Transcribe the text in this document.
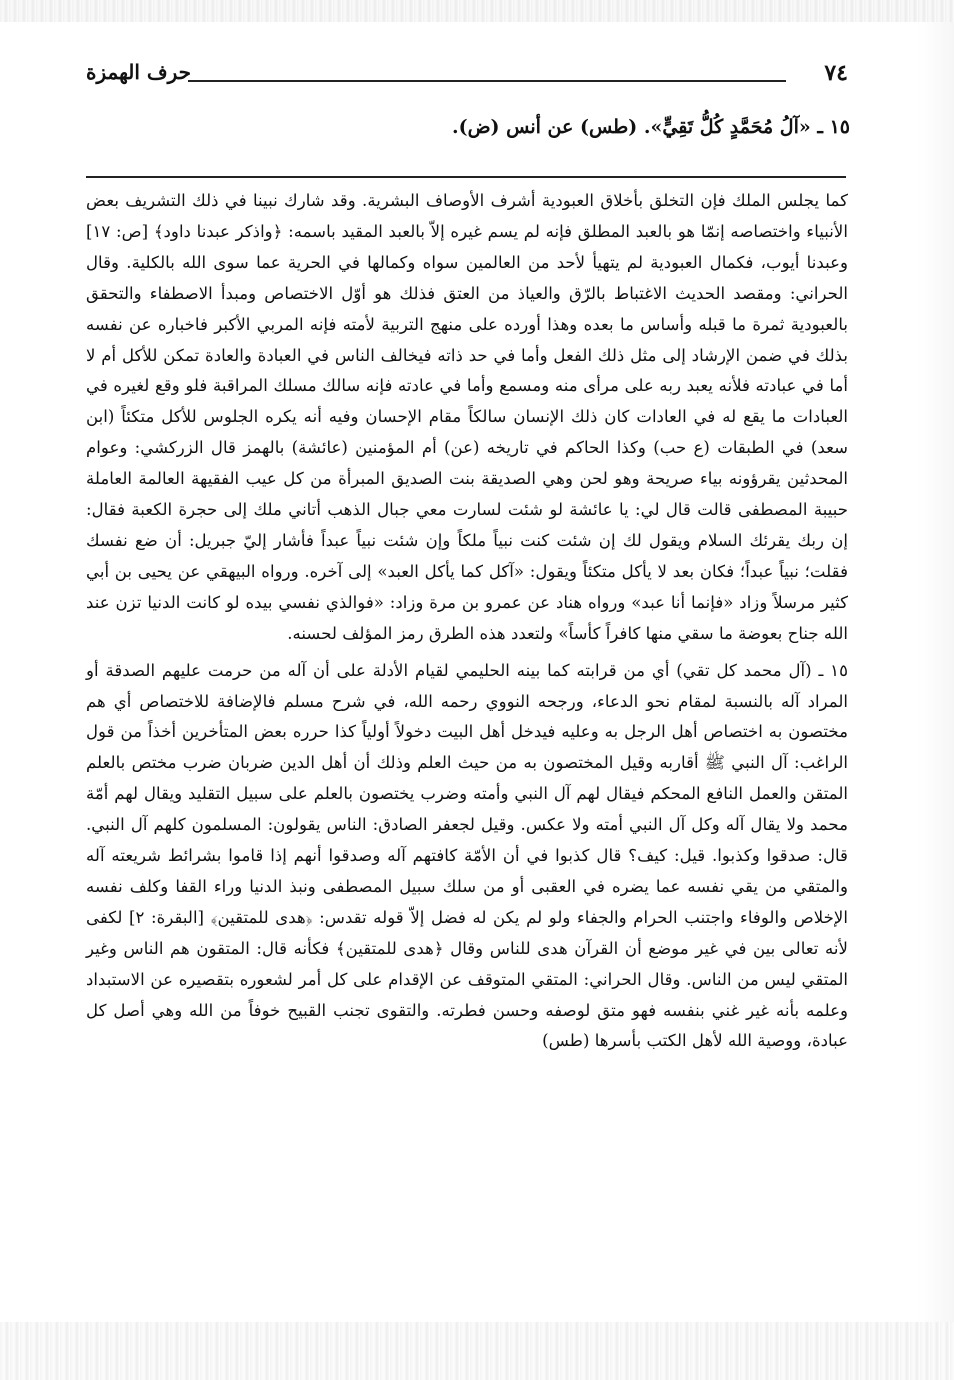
٧٤
حرف الهمزة
١٥ ـ «آلُ مُحَمَّدٍ كُلُّ تَقِيٍّ». (طس) عن أنس (ض).

كما يجلس الملك فإن التخلق بأخلاق العبودية أشرف الأوصاف البشرية. وقد شارك نبينا في ذلك التشريف بعض الأنبياء واختصاصه إنمّا هو بالعبد المطلق فإنه لم يسم غيره إلاّ بالعبد المقيد باسمه: ﴿واذكر عبدنا داود﴾ [ص: ١٧] وعبدنا أيوب، فكمال العبودية لم يتهيأ لأحد من العالمين سواه وكمالها في الحرية عما سوى الله بالكلية. وقال الحراني: ومقصد الحديث الاغتباط بالرّق والعياذ من العتق فذلك هو أوّل الاختصاص ومبدأ الاصطفاء والتحقق بالعبودية ثمرة ما قبله وأساس ما بعده وهذا أورده على منهج التربية لأمته فإنه المربي الأكبر فاخباره عن نفسه بذلك في ضمن الإرشاد إلى مثل ذلك الفعل وأما في حد ذاته فيخالف الناس في العبادة والعادة تمكن للأكل أم لا أما في عبادته فلأنه يعبد ربه على مرأى منه ومسمع وأما في عادته فإنه سالك مسلك المراقبة فلو وقع لغيره في العبادات ما يقع له في العادات كان ذلك الإنسان سالكاً مقام الإحسان وفيه أنه يكره الجلوس للأكل متكئاً (ابن سعد) في الطبقات (ع حب) وكذا الحاكم في تاريخه (عن) أم المؤمنين (عائشة) بالهمز قال الزركشي: وعوام المحدثين يقرؤونه بياء صريحة وهو لحن وهي الصديقة بنت الصديق المبرأة من كل عيب الفقيهة العالمة العاملة حبيبة المصطفى قالت قال لي: يا عائشة لو شئت لسارت معي جبال الذهب أتاني ملك إلى حجرة الكعبة فقال: إن ربك يقرئك السلام ويقول لك إن شئت كنت نبياً ملكاً وإن شئت نبياً عبداً فأشار إليّ جبريل: أن ضع نفسك فقلت؛ نبياً عبداً؛ فكان بعد لا يأكل متكئاً ويقول: «آكل كما يأكل العبد» إلى آخره. ورواه البيهقي عن يحيى بن أبي كثير مرسلاً وزاد «فإنما أنا عبد» ورواه هناد عن عمرو بن مرة وزاد: «فوالذي نفسي بيده لو كانت الدنيا تزن عند الله جناح بعوضة ما سقي منها كافراً كأساً» ولتعدد هذه الطرق رمز المؤلف لحسنه.

١٥ ـ (آل محمد كل تقي) أي من قرابته كما بينه الحليمي لقيام الأدلة على أن آله من حرمت عليهم الصدقة أو المراد آله بالنسبة لمقام نحو الدعاء، ورجحه النووي رحمه الله، في شرح مسلم فالإضافة للاختصاص أي هم مختصون به اختصاص أهل الرجل به وعليه فيدخل أهل البيت دخولاً أولياً كذا حرره بعض المتأخرين أخذاً من قول الراغب: آل النبي ﷺ أقاربه وقيل المختصون به من حيث العلم وذلك أن أهل الدين ضربان ضرب مختص بالعلم المتقن والعمل النافع المحكم فيقال لهم آل النبي وأمته وضرب يختصون بالعلم على سبيل التقليد ويقال لهم أمّة محمد ولا يقال آله وكل آل النبي أمته ولا عكس. وقيل لجعفر الصادق: الناس يقولون: المسلمون كلهم آل النبي. قال: صدقوا وكذبوا. قيل: كيف؟ قال كذبوا في أن الأمّة كافتهم آله وصدقوا أنهم إذا قاموا بشرائط شريعته آله والمتقي من يقي نفسه عما يضره في العقبى أو من سلك سبيل المصطفى ونبذ الدنيا وراء القفا وكلف نفسه الإخلاص والوفاء واجتنب الحرام والجفاء ولو لم يكن له فضل إلاّ قوله تقدس: ﴿هدى للمتقين﴾ [البقرة: ٢] لكفى لأنه تعالى بين في غير موضع أن القرآن هدى للناس وقال ﴿هدى للمتقين﴾ فكأنه قال: المتقون هم الناس وغير المتقي ليس من الناس. وقال الحراني: المتقي المتوقف عن الإقدام على كل أمر لشعوره بتقصيره عن الاستبداد وعلمه بأنه غير غني بنفسه فهو متق لوصفه وحسن فطرته. والتقوى تجنب القبيح خوفاً من الله وهي أصل كل عبادة، ووصية الله لأهل الكتب بأسرها (طس)
